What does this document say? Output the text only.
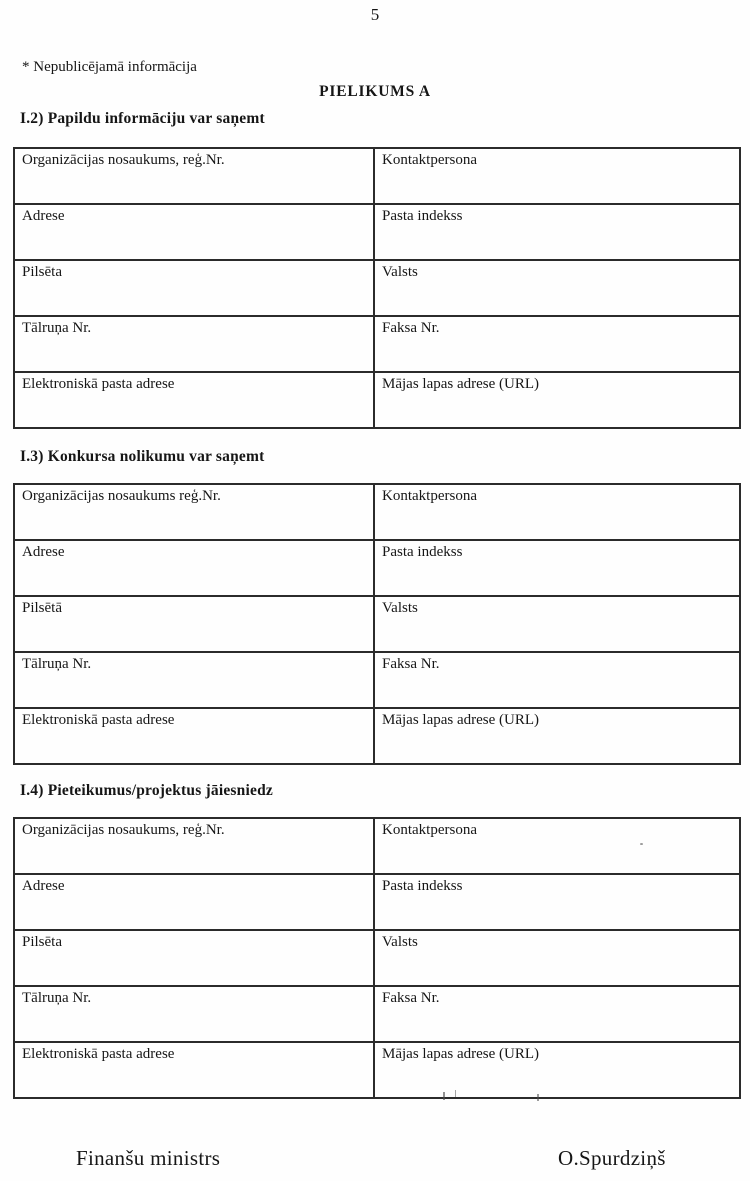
5
* Nepublicējamā informācija
PIELIKUMS A
I.2) Papildu informāciju var saņemt
Organizācijas nosaukums, reģ.Nr.	Kontaktpersona
Adrese	Pasta indekss
Pilsēta	Valsts
Tālruņa Nr.	Faksa Nr.
Elektroniskā pasta adrese	Mājas lapas adrese (URL)
I.3) Konkursa nolikumu var saņemt
Organizācijas nosaukums reģ.Nr.	Kontaktpersona
Adrese	Pasta indekss
Pilsētā	Valsts
Tālruņa Nr.	Faksa Nr.
Elektroniskā pasta adrese	Mājas lapas adrese (URL)
I.4) Pieteikumus/projektus jāiesniedz
Organizācijas nosaukums, reģ.Nr.	Kontaktpersona
Adrese	Pasta indekss
Pilsēta	Valsts
Tālruņa Nr.	Faksa Nr.
Elektroniskā pasta adrese	Mājas lapas adrese (URL)
Finanšu ministrs	O.Spurdziņš
